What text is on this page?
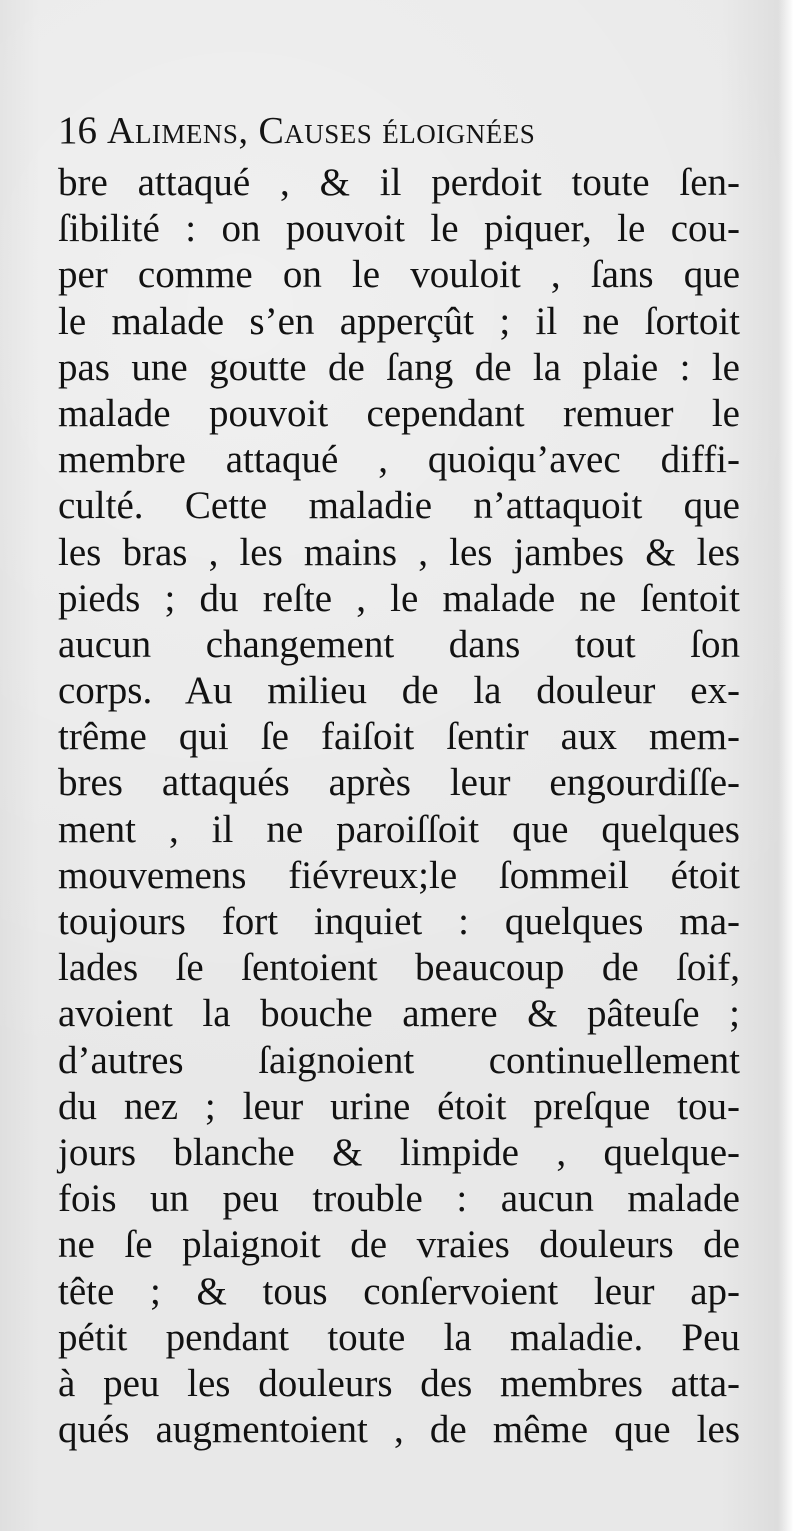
16 Alimens, Causes éloignées
bre attaqué , & il perdoit toute ſen-
ſibilité : on pouvoit le piquer, le cou-
per comme on le vouloit , ſans que
le malade s’en apperçût ; il ne ſortoit
pas une goutte de ſang de la plaie : le
malade pouvoit cependant remuer le
membre attaqué , quoiqu’avec diffi-
culté. Cette maladie n’attaquoit que
les bras , les mains , les jambes & les
pieds ; du reſte , le malade ne ſentoit
aucun changement dans tout ſon
corps. Au milieu de la douleur ex-
trême qui ſe faiſoit ſentir aux mem-
bres attaqués après leur engourdiſſe-
ment , il ne paroiſſoit que quelques
mouvemens fiévreux;le ſommeil étoit
toujours fort inquiet : quelques ma-
lades ſe ſentoient beaucoup de ſoif,
avoient la bouche amere & pâteuſe ;
d’autres ſaignoient continuellement
du nez ; leur urine étoit preſque tou-
jours blanche & limpide , quelque-
fois un peu trouble : aucun malade
ne ſe plaignoit de vraies douleurs de
tête ; & tous conſervoient leur ap-
pétit pendant toute la maladie. Peu
à peu les douleurs des membres atta-
qués augmentoient , de même que les
